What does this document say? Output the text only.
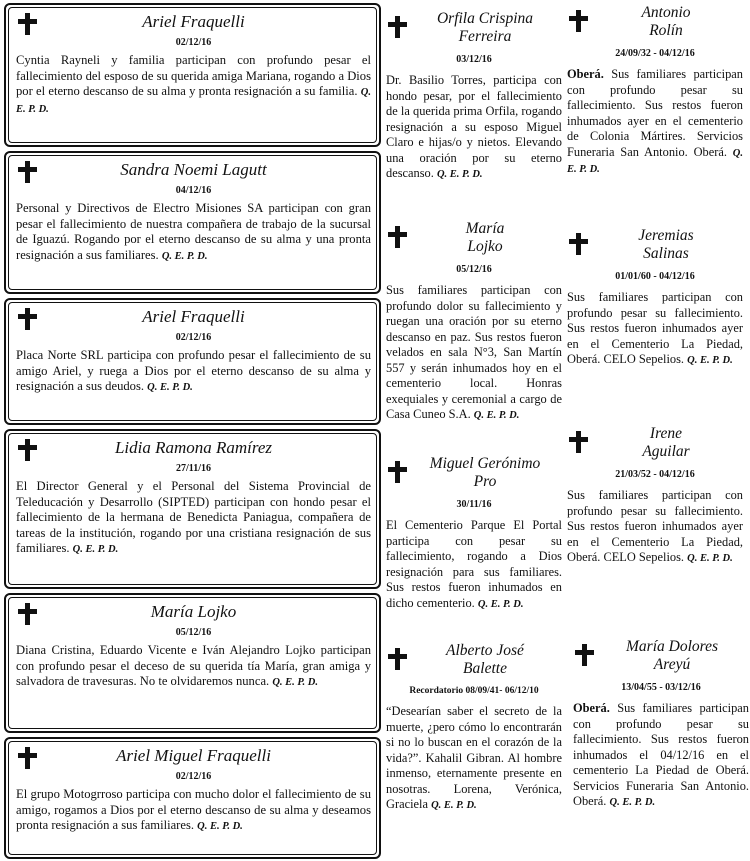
Ariel Fraquelli
02/12/16
Cyntia Rayneli y familia participan con profundo pesar el fallecimiento del esposo de su querida amiga Mariana, rogando a Dios por el eterno descanso de su alma y pronta resignación a su familia. Q. E. P. D.
Sandra Noemi Lagutt
04/12/16
Personal y Directivos de Electro Misiones SA participan con gran pesar el fallecimiento de nuestra compañera de trabajo de la sucursal de Iguazú. Rogando por el eterno descanso de su alma y una pronta resignación a sus familiares. Q. E. P. D.
Ariel Fraquelli
02/12/16
Placa Norte SRL participa con profundo pesar el fallecimiento de su amigo Ariel, y ruega a Dios por el eterno descanso de su alma y resignación a sus deudos. Q. E. P. D.
Lidia Ramona Ramírez
27/11/16
El Director General y el Personal del Sistema Provincial de Teleducación y Desarrollo (SIPTED) participan con hondo pesar el fallecimiento de la hermana de Benedicta Paniagua, compañera de tareas de la institución, rogando por una cristiana resignación de sus familiares. Q. E. P. D.
María Lojko
05/12/16
Diana Cristina, Eduardo Vicente e Iván Alejandro Lojko participan con profundo pesar el deceso de su querida tía María, gran amiga y salvadora de travesuras. No te olvidaremos nunca. Q. E. P. D.
Ariel Miguel Fraquelli
02/12/16
El grupo Motogrroso participa con mucho dolor el fallecimiento de su amigo, rogamos a Dios por el eterno descanso de su alma y deseamos pronta resignación a sus familiares. Q. E. P. D.
Orfila Crispina
Ferreira
03/12/16
Dr. Basilio Torres, participa con hondo pesar, por el fallecimiento de la querida prima Orfila, rogando resignación a su esposo Miguel Claro e hijas/o y nietos. Elevando una oración por su eterno descanso. Q. E. P. D.
María
Lojko
05/12/16
Sus familiares participan con profundo dolor su fallecimiento y ruegan una oración por su eterno descanso en paz. Sus restos fueron velados en sala N°3, San Martín 557 y serán inhumados hoy en el cementerio local. Honras exequiales y ceremonial a cargo de Casa Cuneo S.A. Q. E. P. D.
Miguel Gerónimo
Pro
30/11/16
El Cementerio Parque El Portal participa con pesar su fallecimiento, rogando a Dios resignación para sus familiares. Sus restos fueron inhumados en dicho cementerio. Q. E. P. D.
Alberto José
Balette
Recordatorio 08/09/41- 06/12/10
“Desearían saber el secreto de la muerte, ¿pero cómo lo encontrarán si no lo buscan en el corazón de la vida?”. Kahalil Gibran. Al hombre inmenso, eternamente presente en nosotras. Lorena, Verónica, Graciela Q. E. P. D.
Antonio
Rolín
24/09/32 - 04/12/16
Oberá. Sus familiares participan con profundo pesar su fallecimiento. Sus restos fueron inhumados ayer en el cementerio de Colonia Mártires. Servicios Funeraria San Antonio. Oberá. Q. E. P. D.
Jeremias
Salinas
01/01/60 - 04/12/16
Sus familiares participan con profundo pesar su fallecimiento. Sus restos fueron inhumados ayer en el Cementerio La Piedad, Oberá. CELO Sepelios. Q. E. P. D.
Irene
Aguilar
21/03/52 - 04/12/16
Sus familiares participan con profundo pesar su fallecimiento. Sus restos fueron inhumados ayer en el Cementerio La Piedad, Oberá. CELO Sepelios. Q. E. P. D.
María Dolores
Areyú
13/04/55 - 03/12/16
Oberá. Sus familiares participan con profundo pesar su fallecimiento. Sus restos fueron inhumados el 04/12/16 en el cementerio La Piedad de Oberá. Servicios Funeraria San Antonio. Oberá. Q. E. P. D.
